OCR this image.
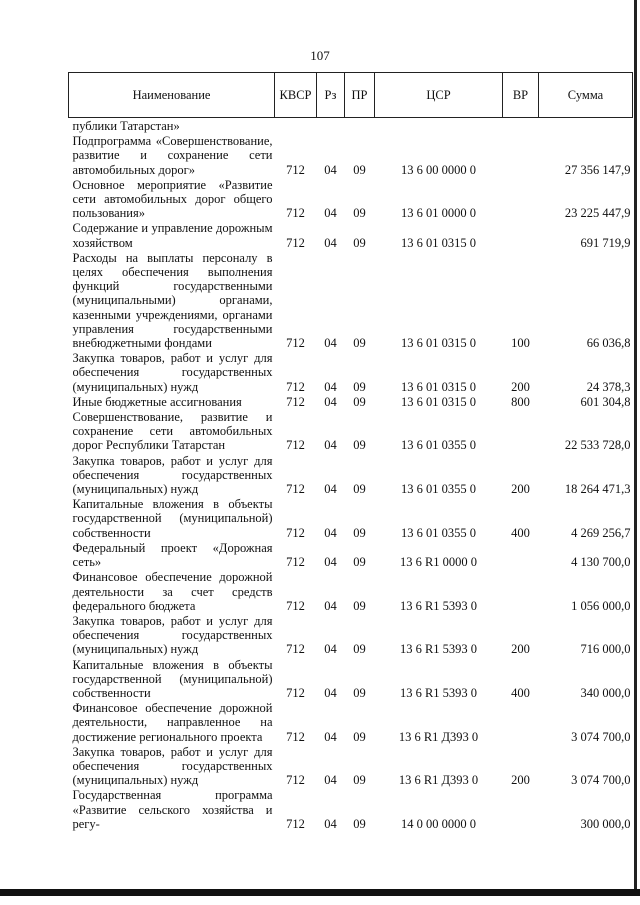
107
Наименование	КВСР	Рз	ПР	ЦСР	ВР	Сумма
публики Татарстан»						
Подпрограмма «Совершенствование, развитие и сохранение сети автомобильных дорог»	712	04	09	13 6 00 0000 0		27 356 147,9
Основное мероприятие «Развитие сети автомобильных дорог общего пользования»	712	04	09	13 6 01 0000 0		23 225 447,9
Содержание и управление дорожным хозяйством	712	04	09	13 6 01 0315 0		691 719,9
Расходы на выплаты персоналу в целях обеспечения выполнения функций государственными (муниципальными) органами, казенными учреждениями, органами управления государственными внебюджетными фондами	712	04	09	13 6 01 0315 0	100	66 036,8
Закупка товаров, работ и услуг для обеспечения государственных (муниципальных) нужд	712	04	09	13 6 01 0315 0	200	24 378,3
Иные бюджетные ассигнования	712	04	09	13 6 01 0315 0	800	601 304,8
Совершенствование, развитие и сохранение сети автомобильных дорог Республики Татарстан	712	04	09	13 6 01 0355 0		22 533 728,0
Закупка товаров, работ и услуг для обеспечения государственных (муниципальных) нужд	712	04	09	13 6 01 0355 0	200	18 264 471,3
Капитальные вложения в объекты государственной (муниципальной) собственности	712	04	09	13 6 01 0355 0	400	4 269 256,7
Федеральный проект «Дорожная сеть»	712	04	09	13 6 R1 0000 0		4 130 700,0
Финансовое обеспечение дорожной деятельности за счет средств федерального бюджета	712	04	09	13 6 R1 5393 0		1 056 000,0
Закупка товаров, работ и услуг для обеспечения государственных (муниципальных) нужд	712	04	09	13 6 R1 5393 0	200	716 000,0
Капитальные вложения в объекты государственной (муниципальной) собственности	712	04	09	13 6 R1 5393 0	400	340 000,0
Финансовое обеспечение дорожной деятельности, направленное на достижение регионального проекта	712	04	09	13 6 R1 Д393 0		3 074 700,0
Закупка товаров, работ и услуг для обеспечения государственных (муниципальных) нужд	712	04	09	13 6 R1 Д393 0	200	3 074 700,0
Государственная программа «Развитие сельского хозяйства и регу-	712	04	09	14 0 00 0000 0		300 000,0
